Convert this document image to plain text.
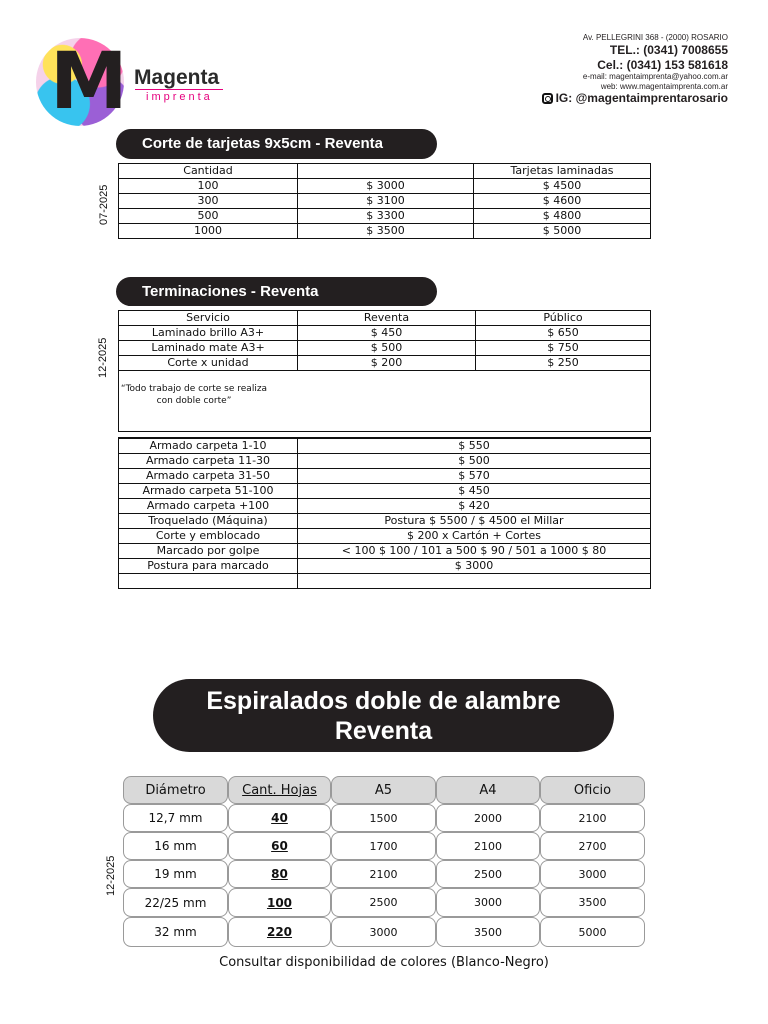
M Magenta
imprenta
Av. PELLEGRINI 368 - (2000) ROSARIO
TEL.: (0341) 7008655
Cel.: (0341) 153 581618
e-mail: magentaimprenta@yahoo.com.ar
web: www.magentaimprenta.com.ar
IG: @magentaimprentarosario
Corte de tarjetas 9x5cm - Reventa
07-2025
Cantidad		Tarjetas laminadas
100	$ 3000	$ 4500
300	$ 3100	$ 4600
500	$ 3300	$ 4800
1000	$ 3500	$ 5000
Terminaciones - Reventa
12-2025
Servicio	Reventa	Público
Laminado brillo A3+	$ 450	$ 650
Laminado mate A3+	$ 500	$ 750
Corte x unidad	$ 200	$ 250

“Todo trabajo de corte se realiza con doble corte”		
Armado carpeta 1-10	$ 550
Armado carpeta 11-30	$ 500
Armado carpeta 31-50	$ 570
Armado carpeta 51-100	$ 450
Armado carpeta +100	$ 420
Troquelado (Máquina)	Postura $ 5500 / $ 4500 el Millar
Corte y emblocado	$ 200 x Cartón + Cortes
Marcado por golpe	< 100 $ 100 / 101 a 500 $ 90 / 501 a 1000 $ 80
Postura para marcado	$ 3000

Espiralados doble de alambre
Reventa
12-2025
Diámetro	Cant. Hojas	A5	A4	Oficio
12,7 mm	40	1500	2000	2100
16 mm	60	1700	2100	2700
19 mm	80	2100	2500	3000
22/25 mm	100	2500	3000	3500
32 mm	220	3000	3500	5000
Consultar disponibilidad de colores (Blanco-Negro)
